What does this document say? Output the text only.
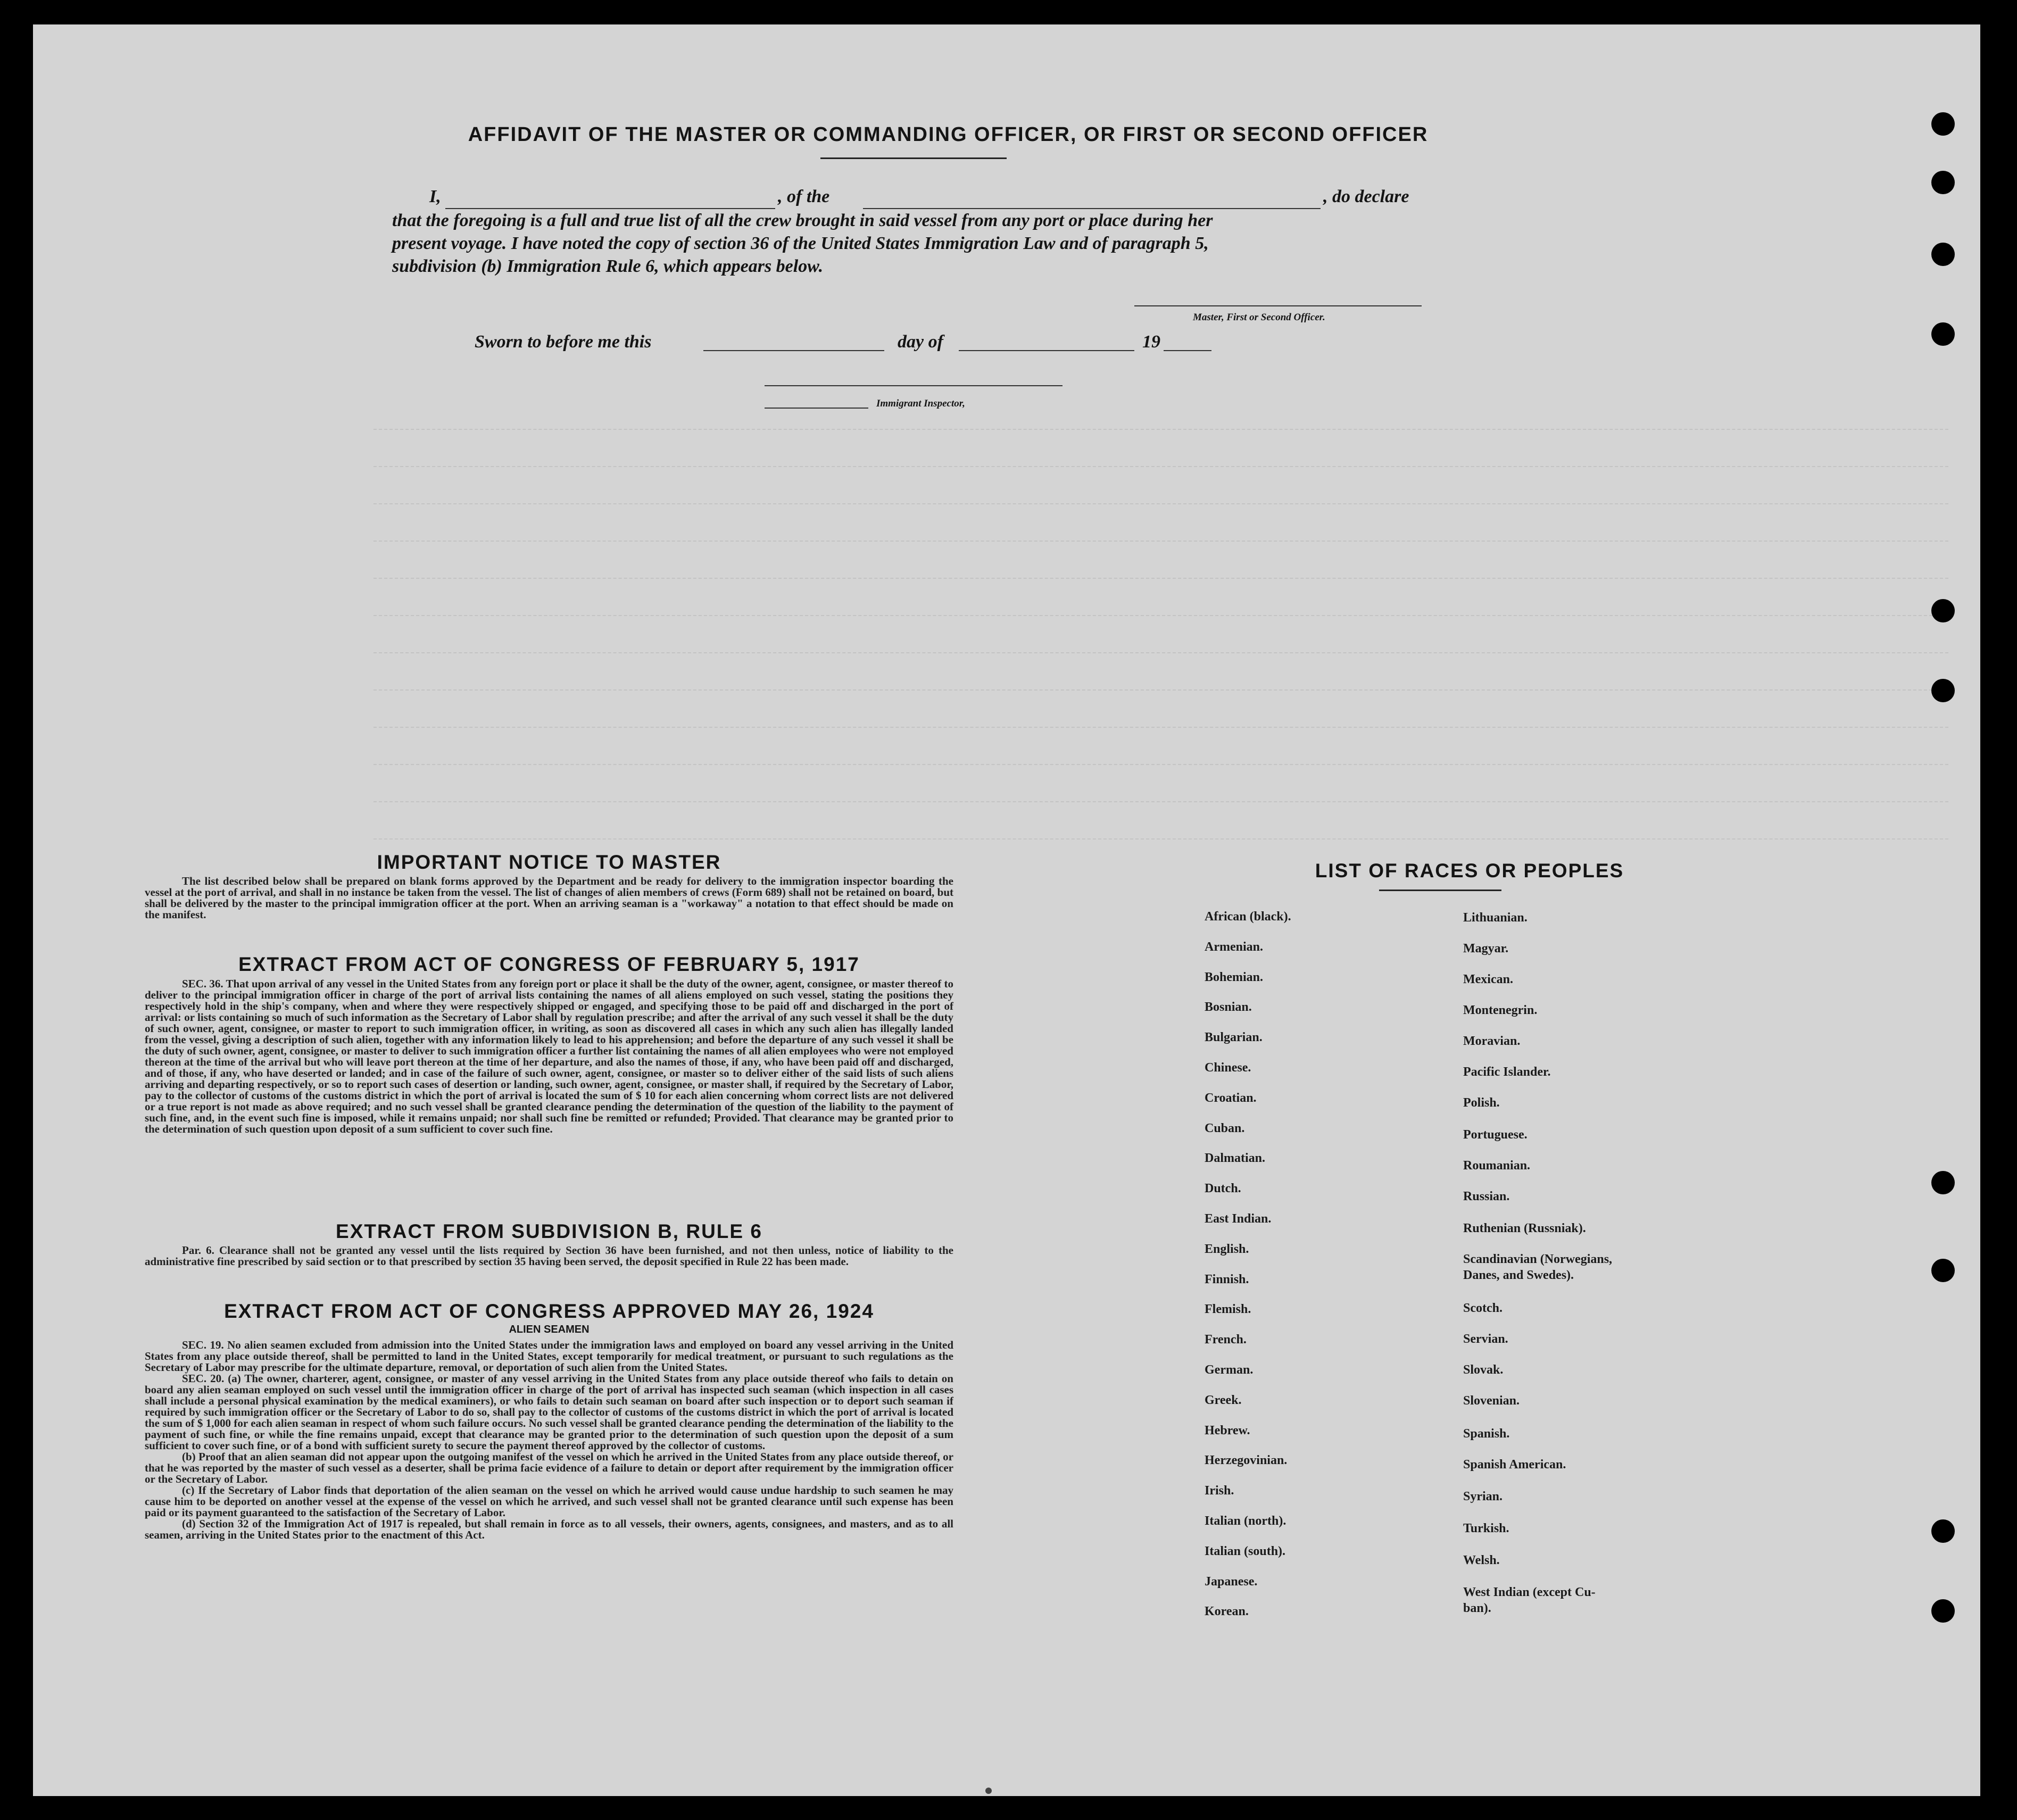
AFFIDAVIT OF THE MASTER OR COMMANDING OFFICER, OR FIRST OR SECOND OFFICER
I,	, of the	, do declare
that the foregoing is a full and true list of all the crew brought in said vessel from any port or place during her
present voyage. I have noted the copy of section 36 of the United States Immigration Law and of paragraph 5,
subdivision (b) Immigration Rule 6, which appears below.
Master, First or Second Officer.
Sworn to before me this	day of	19
Immigrant Inspector,
IMPORTANT NOTICE TO MASTER
The list described below shall be prepared on blank forms approved by the Department and be ready for delivery to the immigration inspector boarding the vessel at the port of arrival, and shall in no instance be taken from the vessel. The list of changes of alien members of crews (Form 689) shall not be retained on board, but shall be delivered by the master to the principal immigration officer at the port. When an arriving seaman is a "workaway" a notation to that effect should be made on the manifest.
EXTRACT FROM ACT OF CONGRESS OF FEBRUARY 5, 1917
SEC. 36. That upon arrival of any vessel in the United States from any foreign port or place it shall be the duty of the owner, agent, consignee, or master thereof to deliver to the principal immigration officer in charge of the port of arrival lists containing the names of all aliens employed on such vessel, stating the positions they respectively hold in the ship's company, when and where they were respectively shipped or engaged, and specifying those to be paid off and discharged in the port of arrival: or lists containing so much of such information as the Secretary of Labor shall by regulation prescribe; and after the arrival of any such vessel it shall be the duty of such owner, agent, consignee, or master to report to such immigration officer, in writing, as soon as discovered all cases in which any such alien has illegally landed from the vessel, giving a description of such alien, together with any information likely to lead to his apprehension; and before the departure of any such vessel it shall be the duty of such owner, agent, consignee, or master to deliver to such immigration officer a further list containing the names of all alien employees who were not employed thereon at the time of the arrival but who will leave port thereon at the time of her departure, and also the names of those, if any, who have been paid off and discharged, and of those, if any, who have deserted or landed; and in case of the failure of such owner, agent, consignee, or master so to deliver either of the said lists of such aliens arriving and departing respectively, or so to report such cases of desertion or landing, such owner, agent, consignee, or master shall, if required by the Secretary of Labor, pay to the collector of customs of the customs district in which the port of arrival is located the sum of $ 10 for each alien concerning whom correct lists are not delivered or a true report is not made as above required; and no such vessel shall be granted clearance pending the determination of the question of the liability to the payment of such fine, and, in the event such fine is imposed, while it remains unpaid; nor shall such fine be remitted or refunded; Provided. That clearance may be granted prior to the determination of such question upon deposit of a sum sufficient to cover such fine.
EXTRACT FROM SUBDIVISION B, RULE 6
Par. 6. Clearance shall not be granted any vessel until the lists required by Section 36 have been furnished, and not then unless, notice of liability to the administrative fine prescribed by said section or to that prescribed by section 35 having been served, the deposit specified in Rule 22 has been made.
EXTRACT FROM ACT OF CONGRESS APPROVED MAY 26, 1924
ALIEN SEAMEN
SEC. 19. No alien seamen excluded from admission into the United States under the immigration laws and employed on board any vessel arriving in the United States from any place outside thereof, shall be permitted to land in the United States, except temporarily for medical treatment, or pursuant to such regulations as the Secretary of Labor may prescribe for the ultimate departure, removal, or deportation of such alien from the United States.
SEC. 20. (a) The owner, charterer, agent, consignee, or master of any vessel arriving in the United States from any place outside thereof who fails to detain on board any alien seaman employed on such vessel until the immigration officer in charge of the port of arrival has inspected such seaman (which inspection in all cases shall include a personal physical examination by the medical examiners), or who fails to detain such seaman on board after such inspection or to deport such seaman if required by such immigration officer or the Secretary of Labor to do so, shall pay to the collector of customs of the customs district in which the port of arrival is located the sum of $ 1,000 for each alien seaman in respect of whom such failure occurs. No such vessel shall be granted clearance pending the determination of the liability to the payment of such fine, or while the fine remains unpaid, except that clearance may be granted prior to the determination of such question upon the deposit of a sum sufficient to cover such fine, or of a bond with sufficient surety to secure the payment thereof approved by the collector of customs.
(b) Proof that an alien seaman did not appear upon the outgoing manifest of the vessel on which he arrived in the United States from any place outside thereof, or that he was reported by the master of such vessel as a deserter, shall be prima facie evidence of a failure to detain or deport after requirement by the immigration officer or the Secretary of Labor.
(c) If the Secretary of Labor finds that deportation of the alien seaman on the vessel on which he arrived would cause undue hardship to such seamen he may cause him to be deported on another vessel at the expense of the vessel on which he arrived, and such vessel shall not be granted clearance until such expense has been paid or its payment guaranteed to the satisfaction of the Secretary of Labor.
(d) Section 32 of the Immigration Act of 1917 is repealed, but shall remain in force as to all vessels, their owners, agents, consignees, and masters, and as to all seamen, arriving in the United States prior to the enactment of this Act.
LIST OF RACES OR PEOPLES
African (black).
Armenian.
Bohemian.
Bosnian.
Bulgarian.
Chinese.
Croatian.
Cuban.
Dalmatian.
Dutch.
East Indian.
English.
Finnish.
Flemish.
French.
German.
Greek.
Hebrew.
Herzegovinian.
Irish.
Italian (north).
Italian (south).
Japanese.
Korean.
Lithuanian.
Magyar.
Mexican.
Montenegrin.
Moravian.
Pacific Islander.
Polish.
Portuguese.
Roumanian.
Russian.
Ruthenian (Russniak).
Scandinavian (Norwegians,
Danes, and Swedes).
Scotch.
Servian.
Slovak.
Slovenian.
Spanish.
Spanish American.
Syrian.
Turkish.
Welsh.
West Indian (except Cu-
ban).
